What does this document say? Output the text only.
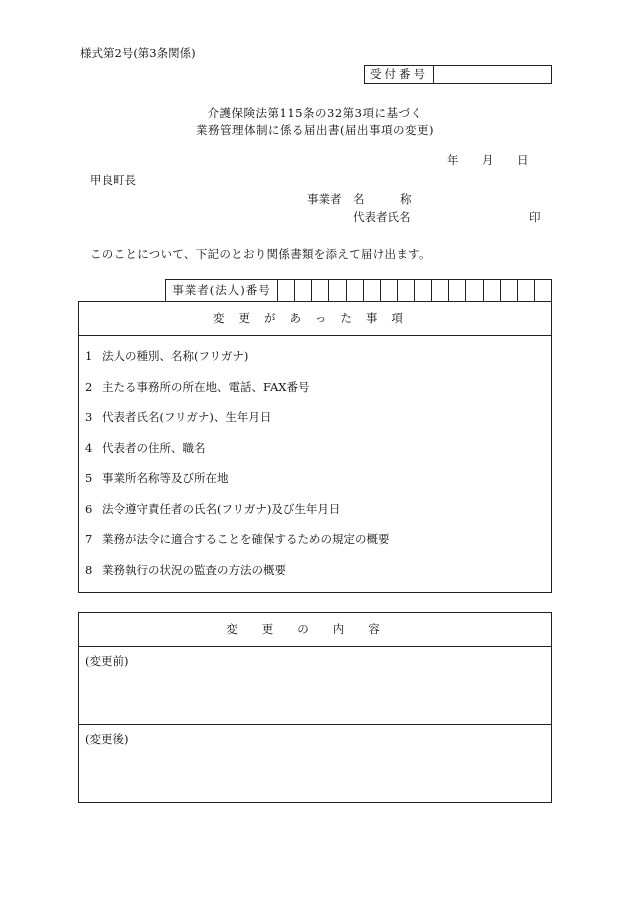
様式第2号(第3条関係)
受付番号
介護保険法第115条の32第3項に基づく
業務管理体制に係る届出書(届出事項の変更)
年 月 日
甲良町長
事業者 名	称
代表者氏名	印
このことについて、下記のとおり関係書類を添えて届け出ます。
事業者(法人)番号
変更があった事項
1 法人の種別、名称(フリガナ)
2 主たる事務所の所在地、電話、FAX番号
3 代表者氏名(フリガナ)、生年月日
4 代表者の住所、職名
5 事業所名称等及び所在地
6 法令遵守責任者の氏名(フリガナ)及び生年月日
7 業務が法令に適合することを確保するための規定の概要
8 業務執行の状況の監査の方法の概要
変更の内容
(変更前)
(変更後)
